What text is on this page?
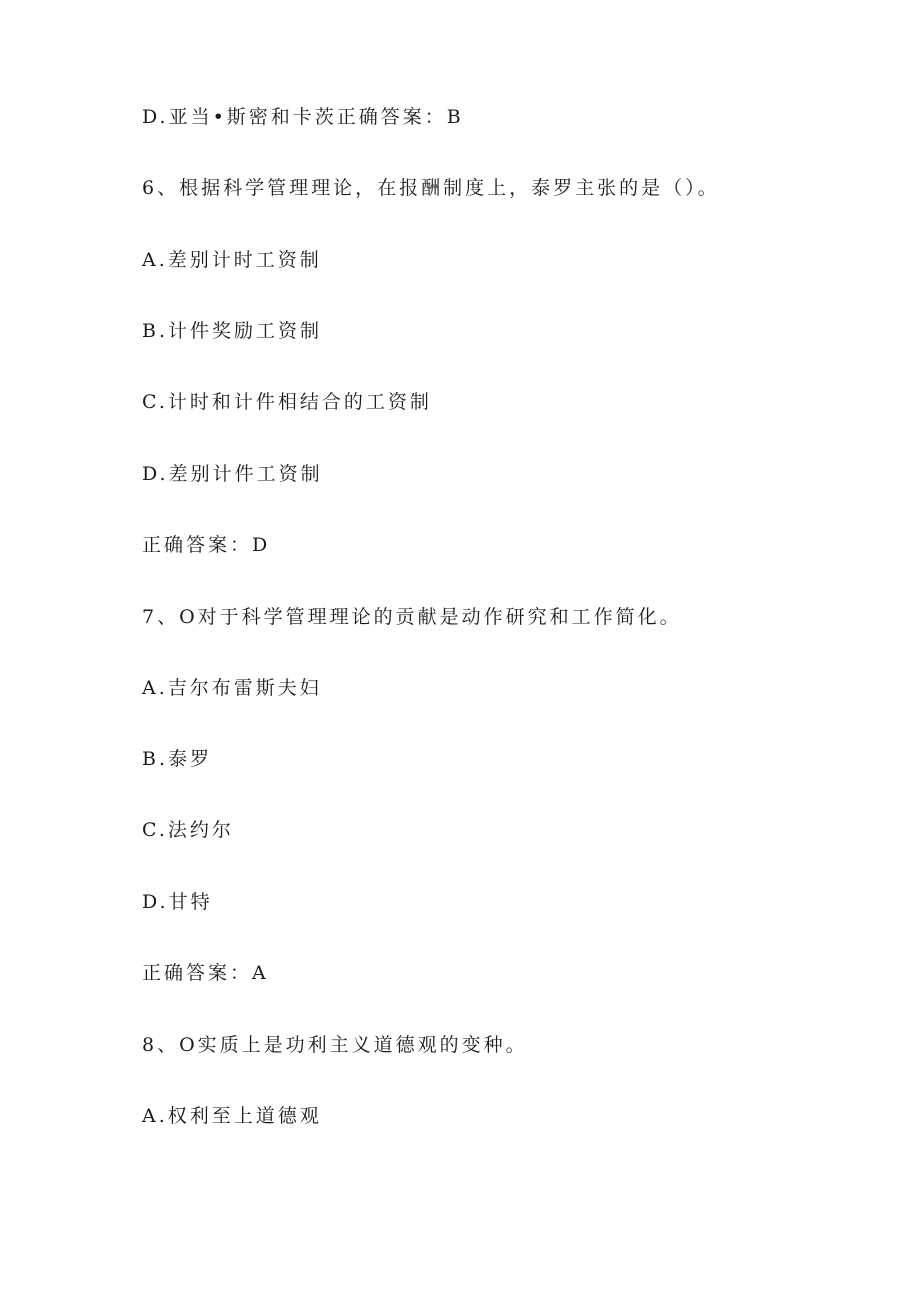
D.亚当•斯密和卡茨正确答案：B
6、根据科学管理理论，在报酬制度上，泰罗主张的是（）。
A.差别计时工资制
B.计件奖励工资制
C.计时和计件相结合的工资制
D.差别计件工资制
正确答案：D
7、O对于科学管理理论的贡献是动作研究和工作简化。
A.吉尔布雷斯夫妇
B.泰罗
C.法约尔
D.甘特
正确答案：A
8、O实质上是功利主义道德观的变种。
A.权利至上道德观
